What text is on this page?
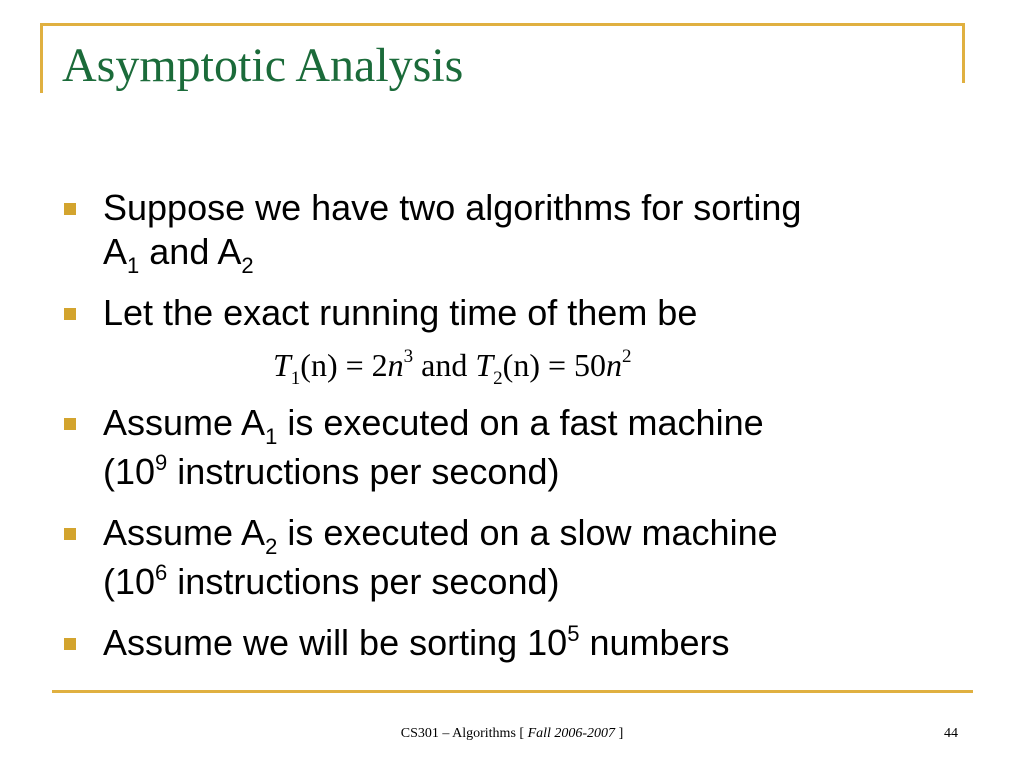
Asymptotic Analysis
Suppose we have two algorithms for sorting
$A_1$ and $A_2$
Let the exact running time of them be
$T_1(n) = 2n^3$ and $T_2(n) = 50n^2$
Assume $A_1$ is executed on a fast machine
($10^9$ instructions per second)
Assume $A_2$ is executed on a slow machine
($10^6$ instructions per second)
Assume we will be sorting $10^5$ numbers
CS301 – Algorithms [ Fall 2006-2007 ]	44
